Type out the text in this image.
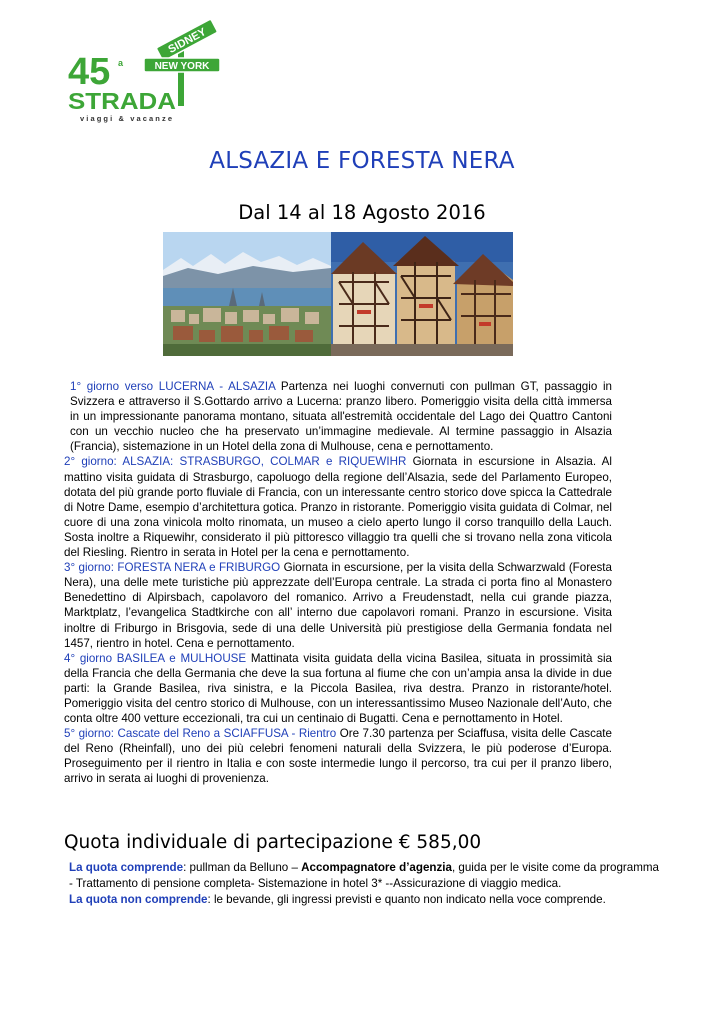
SIDNEY
NEW YORK
45 a
STRADA
viaggi & vacanze
ALSAZIA E FORESTA NERA
Dal 14 al 18 Agosto 2016

1° giorno verso LUCERNA - ALSAZIA Partenza nei luoghi convernuti con pullman GT, passaggio in Svizzera e attraverso il S.Gottardo arrivo a Lucerna: pranzo libero. Pomeriggio visita della città immersa in un impressionante panorama montano, situata all'estremità occidentale del Lago dei Quattro Cantoni con un vecchio nucleo che ha preservato un’immagine medievale. Al termine passaggio in Alsazia (Francia), sistemazione in un Hotel della zona di Mulhouse, cena e pernottamento.

2° giorno: ALSAZIA: STRASBURGO, COLMAR e RIQUEWIHR Giornata in escursione in Alsazia. Al mattino visita guidata di Strasburgo, capoluogo della regione dell’Alsazia, sede del Parlamento Europeo, dotata del più grande porto fluviale di Francia, con un interessante centro storico dove spicca la Cattedrale di Notre Dame, esempio d’architettura gotica. Pranzo in ristorante. Pomeriggio visita guidata di Colmar, nel cuore di una zona vinicola molto rinomata, un museo a cielo aperto lungo il corso tranquillo della Lauch. Sosta inoltre a Riquewihr, considerato il più pittoresco villaggio tra quelli che si trovano nella zona viticola del Riesling. Rientro in serata in Hotel per la cena e pernottamento.

3° giorno: FORESTA NERA e FRIBURGO Giornata in escursione, per la visita della Schwarzwald (Foresta Nera), una delle mete turistiche più apprezzate dell’Europa centrale. La strada ci porta fino al Monastero Benedettino di Alpirsbach, capolavoro del romanico. Arrivo a Freudenstadt, nella cui grande piazza, Marktplatz, l’evangelica Stadtkirche con all’ interno due capolavori romani. Pranzo in escursione. Visita inoltre di Friburgo in Brisgovia, sede di una delle Università più prestigiose della Germania fondata nel 1457, rientro in hotel. Cena e pernottamento.

4° giorno BASILEA e MULHOUSE Mattinata visita guidata della vicina Basilea, situata in prossimità sia della Francia che della Germania che deve la sua fortuna al fiume che con un’ampia ansa la divide in due parti: la Grande Basilea, riva sinistra, e la Piccola Basilea, riva destra. Pranzo in ristorante/hotel. Pomeriggio visita del centro storico di Mulhouse, con un interessantissimo Museo Nazionale dell’Auto, che conta oltre 400 vetture eccezionali, tra cui un centinaio di Bugatti. Cena e pernottamento in Hotel.

5° giorno: Cascate del Reno a SCIAFFUSA - Rientro Ore 7.30 partenza per Sciaffusa, visita delle Cascate del Reno (Rheinfall), uno dei più celebri fenomeni naturali della Svizzera, le più poderose d’Europa. Proseguimento per il rientro in Italia e con soste intermedie lungo il percorso, tra cui per il pranzo libero, arrivo in serata ai luoghi di provenienza.

Quota individuale di partecipazione € 585,00

La quota comprende: pullman da Belluno – Accompagnatore d’agenzia, guida per le visite come da programma - Trattamento di pensione completa- Sistemazione in hotel 3* --Assicurazione di viaggio medica.

La quota non comprende: le bevande, gli ingressi previsti e quanto non indicato nella voce comprende.
